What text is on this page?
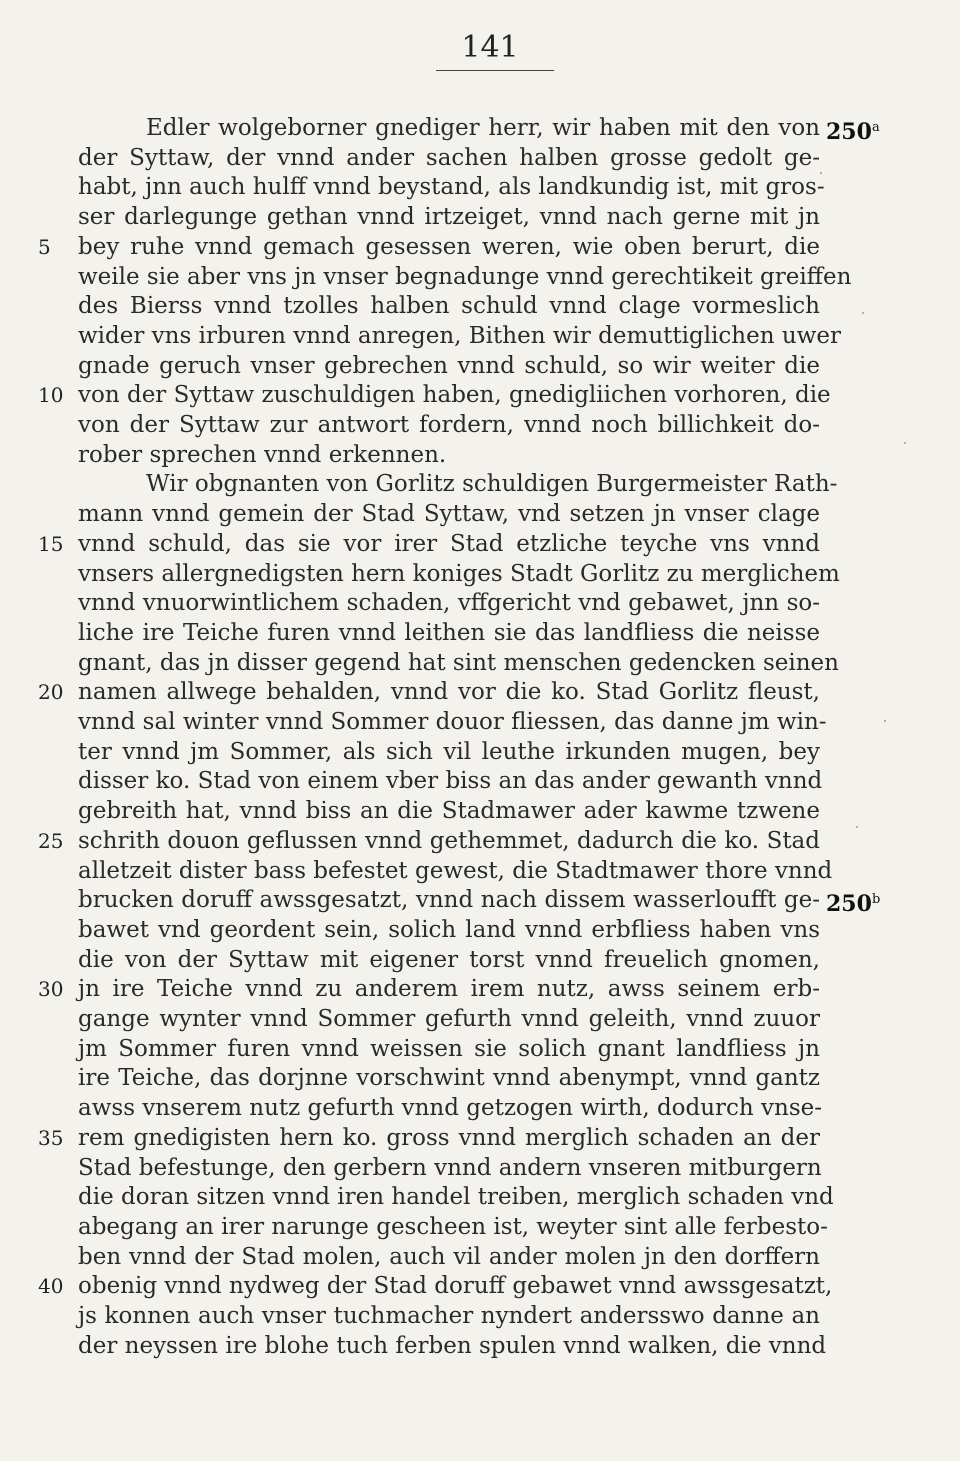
141
Edler wolgeborner gnediger herr, wir haben mit den von
der Syttaw, der vnnd ander sachen halben grosse gedolt ge-
habt, jnn auch hulff vnnd beystand, als landkundig ist, mit gros-
ser darlegunge gethan vnnd irtzeiget, vnnd nach gerne mit jn
bey ruhe vnnd gemach gesessen weren, wie oben berurt, die
weile sie aber vns jn vnser begnadunge vnnd gerechtikeit greiffen
des Bierss vnnd tzolles halben schuld vnnd clage vormeslich
wider vns irburen vnnd anregen, Bithen wir demuttiglichen uwer
gnade geruch vnser gebrechen vnnd schuld, so wir weiter die
von der Syttaw zuschuldigen haben, gnedigliichen vorhoren, die
von der Syttaw zur antwort fordern, vnnd noch billichkeit do-
rober sprechen vnnd erkennen.
Wir obgnanten von Gorlitz schuldigen Burgermeister Rath-
mann vnnd gemein der Stad Syttaw, vnd setzen jn vnser clage
vnnd schuld, das sie vor irer Stad etzliche teyche vns vnnd
vnsers allergnedigsten hern koniges Stadt Gorlitz zu merglichem
vnnd vnuorwintlichem schaden, vffgericht vnd gebawet, jnn so-
liche ire Teiche furen vnnd leithen sie das landfliess die neisse
gnant, das jn disser gegend hat sint menschen gedencken seinen
namen allwege behalden, vnnd vor die ko. Stad Gorlitz fleust,
vnnd sal winter vnnd Sommer douor fliessen, das danne jm win-
ter vnnd jm Sommer, als sich vil leuthe irkunden mugen, bey
disser ko. Stad von einem vber biss an das ander gewanth vnnd
gebreith hat, vnnd biss an die Stadmawer ader kawme tzwene
schrith douon geflussen vnnd gethemmet, dadurch die ko. Stad
alletzeit dister bass befestet gewest, die Stadtmawer thore vnnd
brucken doruff awssgesatzt, vnnd nach dissem wasserloufft ge-
bawet vnd geordent sein, solich land vnnd erbfliess haben vns
die von der Syttaw mit eigener torst vnnd freuelich gnomen,
jn ire Teiche vnnd zu anderem irem nutz, awss seinem erb-
gange wynter vnnd Sommer gefurth vnnd geleith, vnnd zuuor
jm Sommer furen vnnd weissen sie solich gnant landfliess jn
ire Teiche, das dorjnne vorschwint vnnd abenympt, vnnd gantz
awss vnserem nutz gefurth vnnd getzogen wirth, dodurch vnse-
rem gnedigisten hern ko. gross vnnd merglich schaden an der
Stad befestunge, den gerbern vnnd andern vnseren mitburgern
die doran sitzen vnnd iren handel treiben, merglich schaden vnd
abegang an irer narunge gescheen ist, weyter sint alle ferbesto-
ben vnnd der Stad molen, auch vil ander molen jn den dorffern
obenig vnnd nydweg der Stad doruff gebawet vnnd awssgesatzt,
js konnen auch vnser tuchmacher nyndert andersswo danne an
der neyssen ire blohe tuch ferben spulen vnnd walken, die vnnd
5
10
15
20
25
30
35
40
250$^a$
250$^b$
